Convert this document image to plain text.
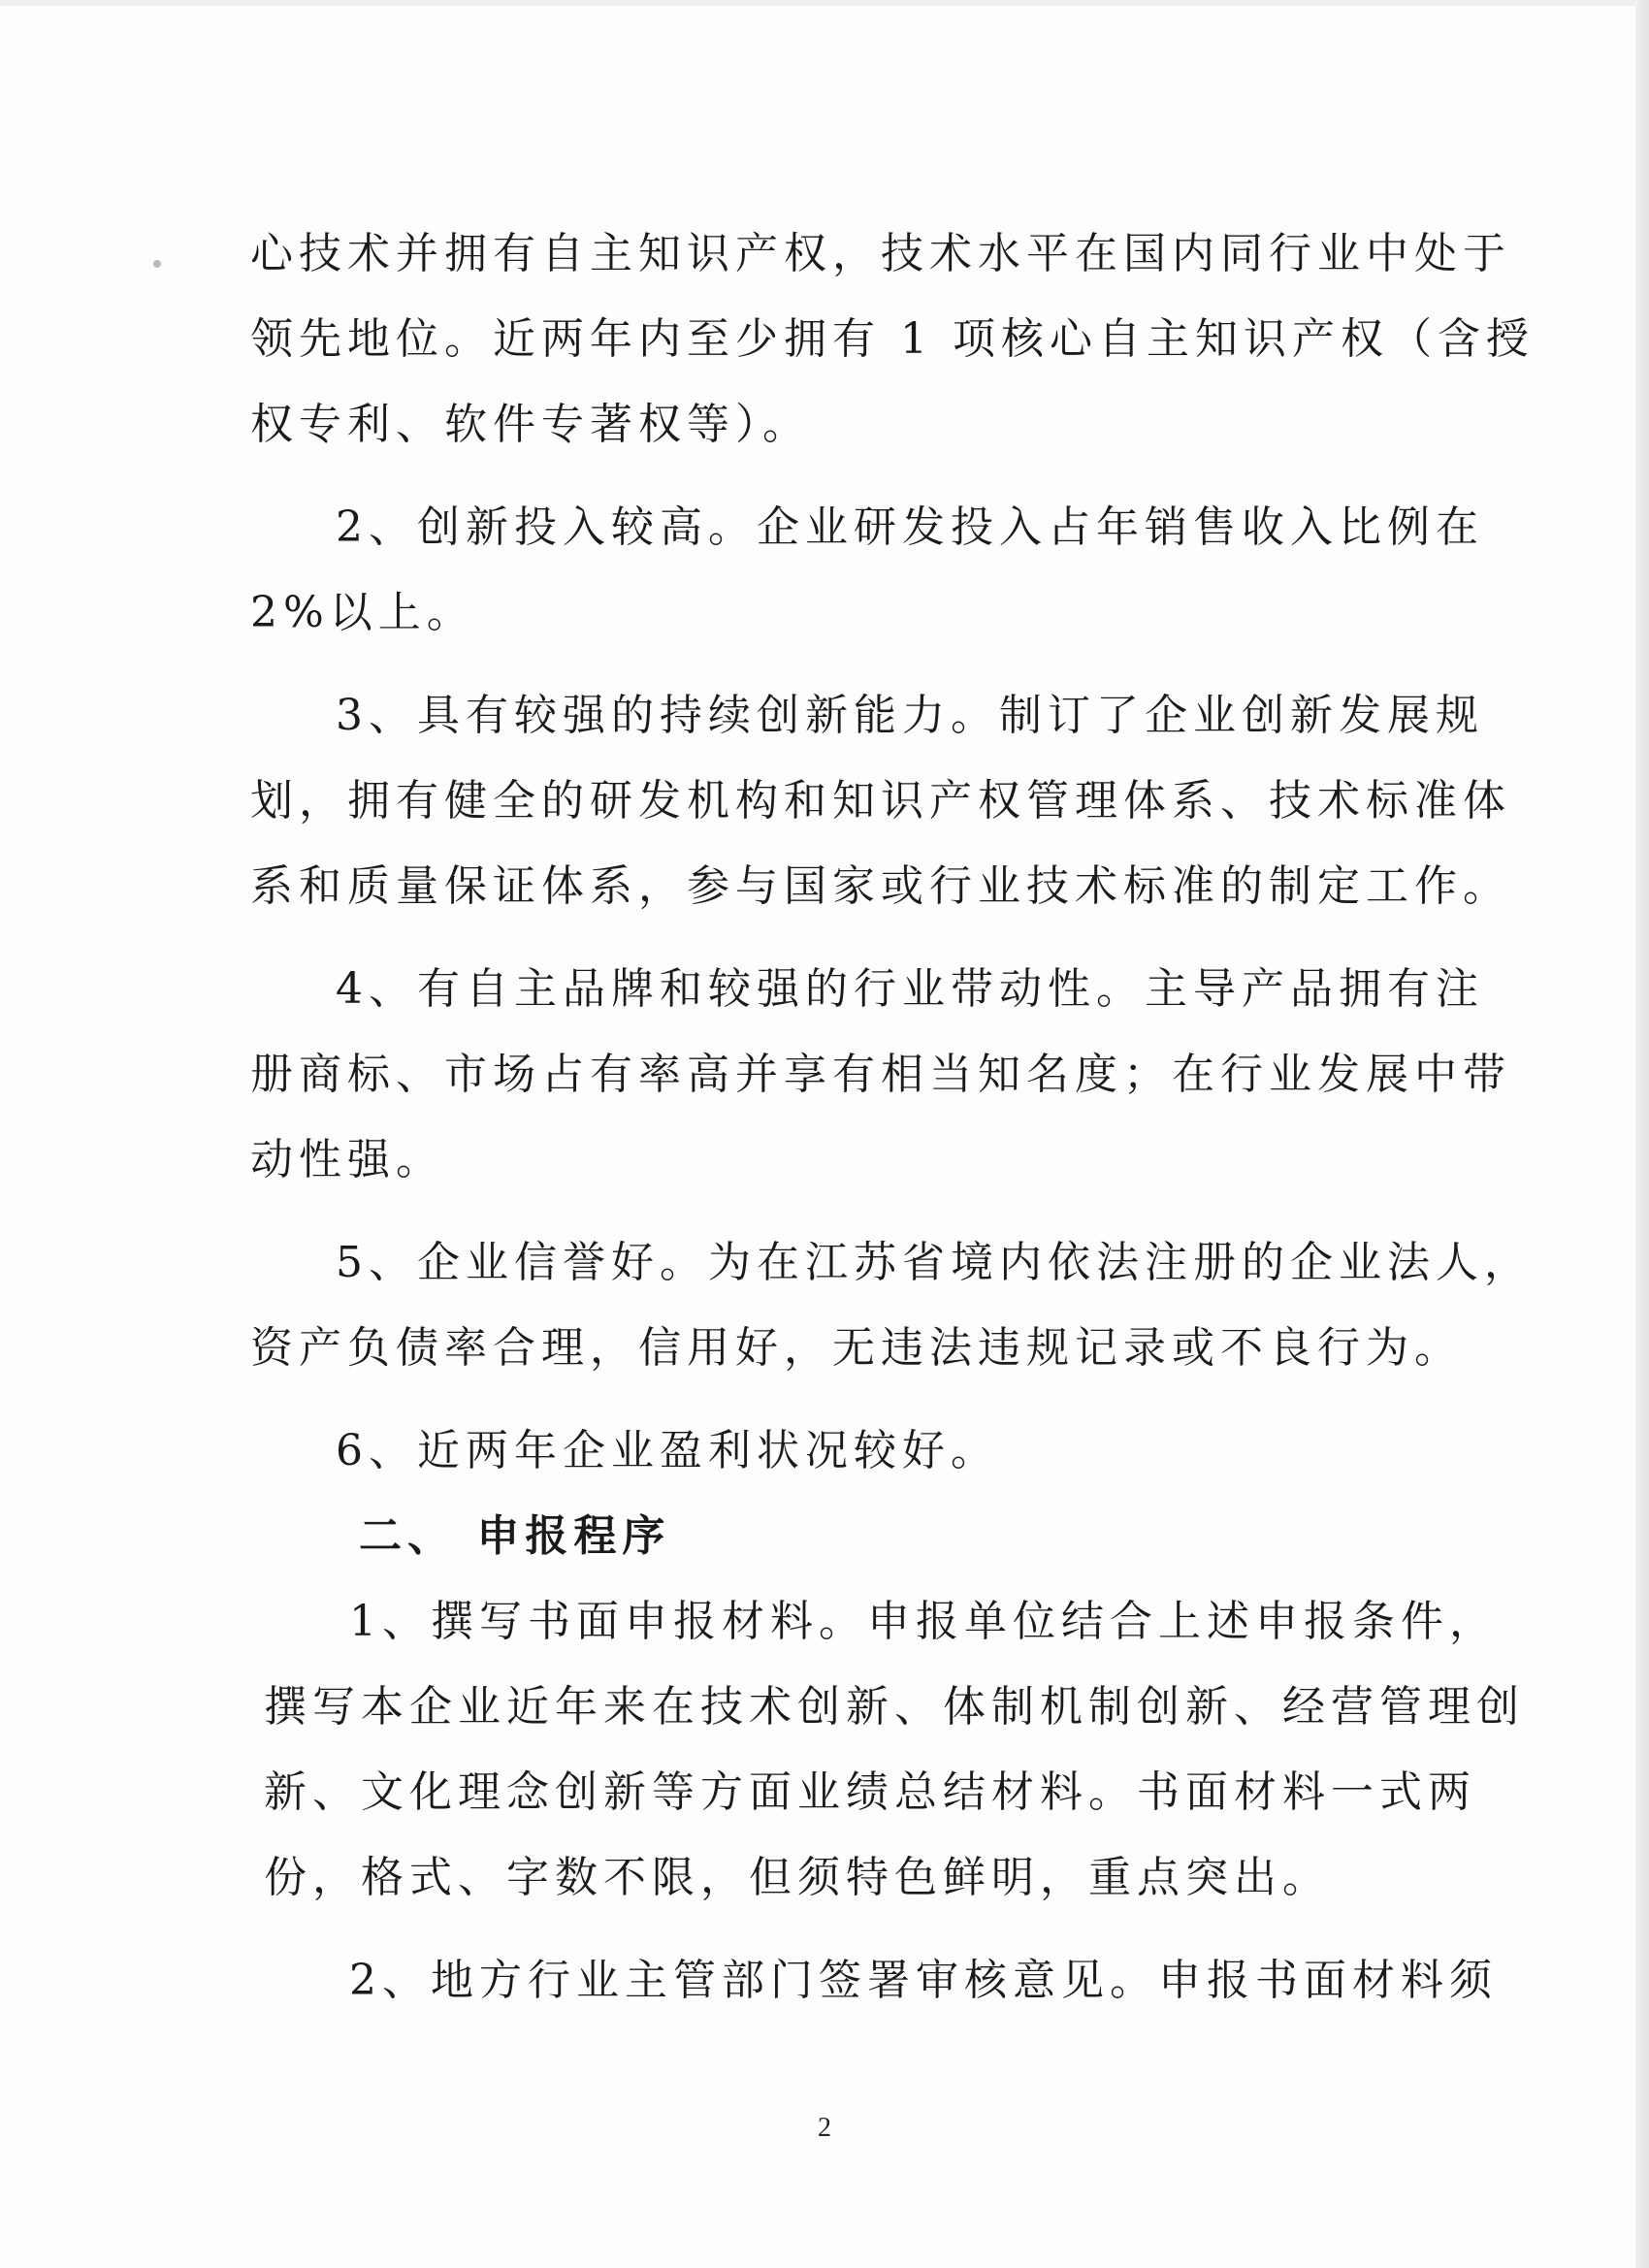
心技术并拥有自主知识产权，技术水平在国内同行业中处于
领先地位。近两年内至少拥有 1 项核心自主知识产权（含授
权专利、软件专著权等）。
2、创新投入较高。企业研发投入占年销售收入比例在
2%以上。
3、具有较强的持续创新能力。制订了企业创新发展规
划，拥有健全的研发机构和知识产权管理体系、技术标准体
系和质量保证体系，参与国家或行业技术标准的制定工作。
4、有自主品牌和较强的行业带动性。主导产品拥有注
册商标、市场占有率高并享有相当知名度；在行业发展中带
动性强。
5、企业信誉好。为在江苏省境内依法注册的企业法人，
资产负债率合理，信用好，无违法违规记录或不良行为。
6、近两年企业盈利状况较好。
二、 申报程序
1、撰写书面申报材料。申报单位结合上述申报条件，
撰写本企业近年来在技术创新、体制机制创新、经营管理创
新、文化理念创新等方面业绩总结材料。书面材料一式两
份，格式、字数不限，但须特色鲜明，重点突出。
2、地方行业主管部门签署审核意见。申报书面材料须
2
